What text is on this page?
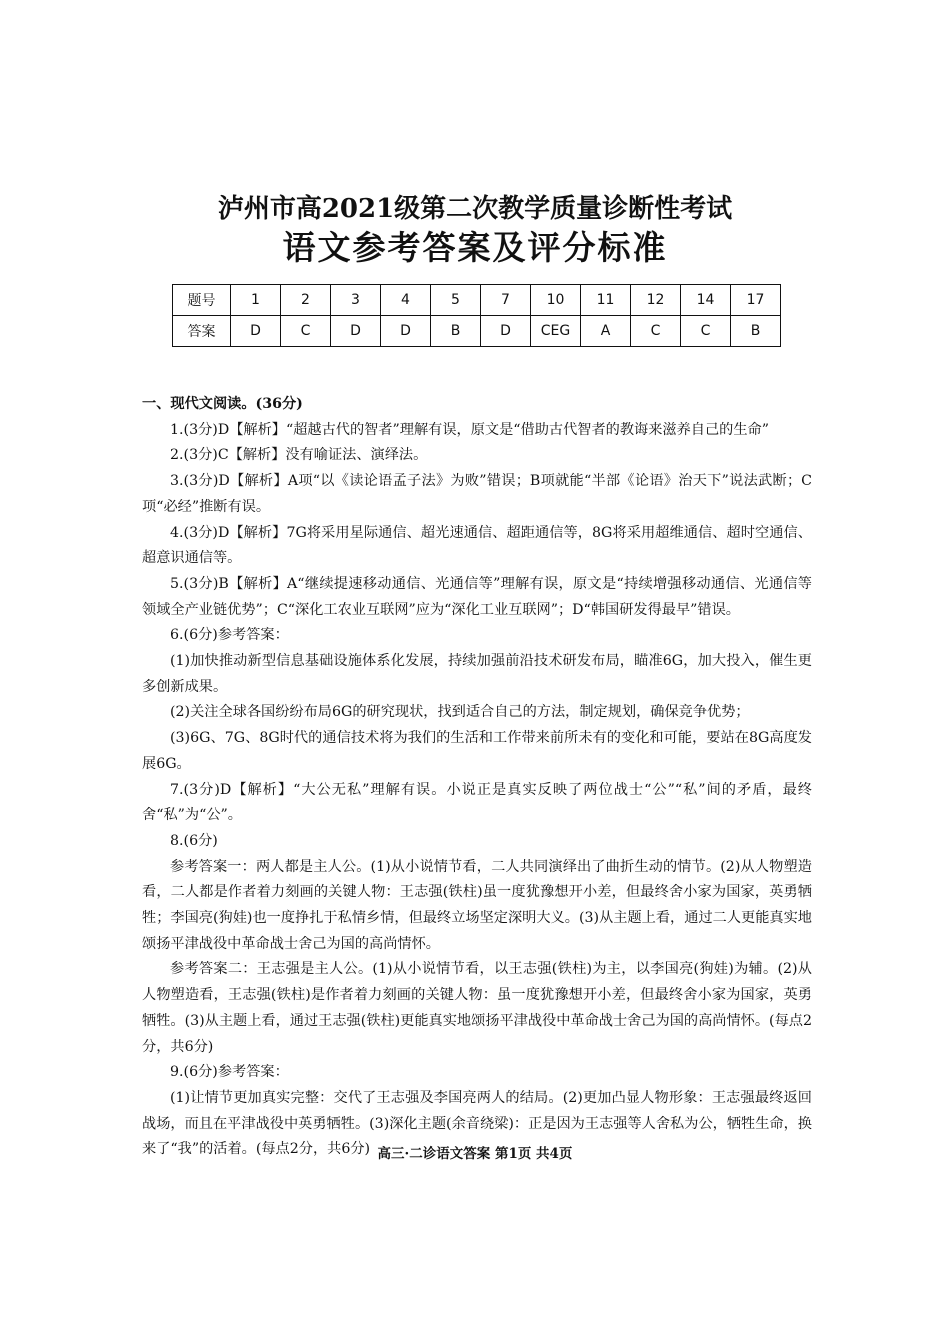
泸州市高2021级第二次教学质量诊断性考试
语文参考答案及评分标准
题号	1	2	3	4	5	7	10	11	12	14	17
答案	D	C	D	D	B	D	CEG	A	C	C	B

一、现代文阅读。(36分)

1.(3分)D【解析】“超越古代的智者”理解有误，原文是“借助古代智者的教诲来滋养自己的生命”

2.(3分)C【解析】没有喻证法、演绎法。

3.(3分)D【解析】A项“以《读论语孟子法》为败”错误；B项就能“半部《论语》治天下”说法武断；C项“必经”推断有误。

4.(3分)D【解析】7G将采用星际通信、超光速通信、超距通信等，8G将采用超维通信、超时空通信、超意识通信等。

5.(3分)B【解析】A“继续提速移动通信、光通信等”理解有误，原文是“持续增强移动通信、光通信等领域全产业链优势”；C“深化工农业互联网”应为“深化工业互联网”；D“韩国研发得最早”错误。

6.(6分)参考答案：

(1)加快推动新型信息基础设施体系化发展，持续加强前沿技术研发布局，瞄准6G，加大投入，催生更多创新成果。

(2)关注全球各国纷纷布局6G的研究现状，找到适合自己的方法，制定规划，确保竞争优势；

(3)6G、7G、8G时代的通信技术将为我们的生活和工作带来前所未有的变化和可能，要站在8G高度发展6G。

7.(3分)D【解析】“大公无私”理解有误。小说正是真实反映了两位战士“公”“私”间的矛盾，最终舍“私”为“公”。

8.(6分)

参考答案一：两人都是主人公。(1)从小说情节看，二人共同演绎出了曲折生动的情节。(2)从人物塑造看，二人都是作者着力刻画的关键人物：王志强(铁柱)虽一度犹豫想开小差，但最终舍小家为国家，英勇牺牲；李国亮(狗娃)也一度挣扎于私情乡情，但最终立场坚定深明大义。(3)从主题上看，通过二人更能真实地颂扬平津战役中革命战士舍己为国的高尚情怀。

参考答案二：王志强是主人公。(1)从小说情节看，以王志强(铁柱)为主，以李国亮(狗娃)为辅。(2)从人物塑造看，王志强(铁柱)是作者着力刻画的关键人物：虽一度犹豫想开小差，但最终舍小家为国家，英勇牺牲。(3)从主题上看，通过王志强(铁柱)更能真实地颂扬平津战役中革命战士舍己为国的高尚情怀。(每点2分，共6分)

9.(6分)参考答案：

(1)让情节更加真实完整：交代了王志强及李国亮两人的结局。(2)更加凸显人物形象：王志强最终返回战场，而且在平津战役中英勇牺牲。(3)深化主题(余音绕梁)：正是因为王志强等人舍私为公，牺牲生命，换来了“我”的活着。(每点2分，共6分) 高三·二诊语文答案 第1页 共4页
